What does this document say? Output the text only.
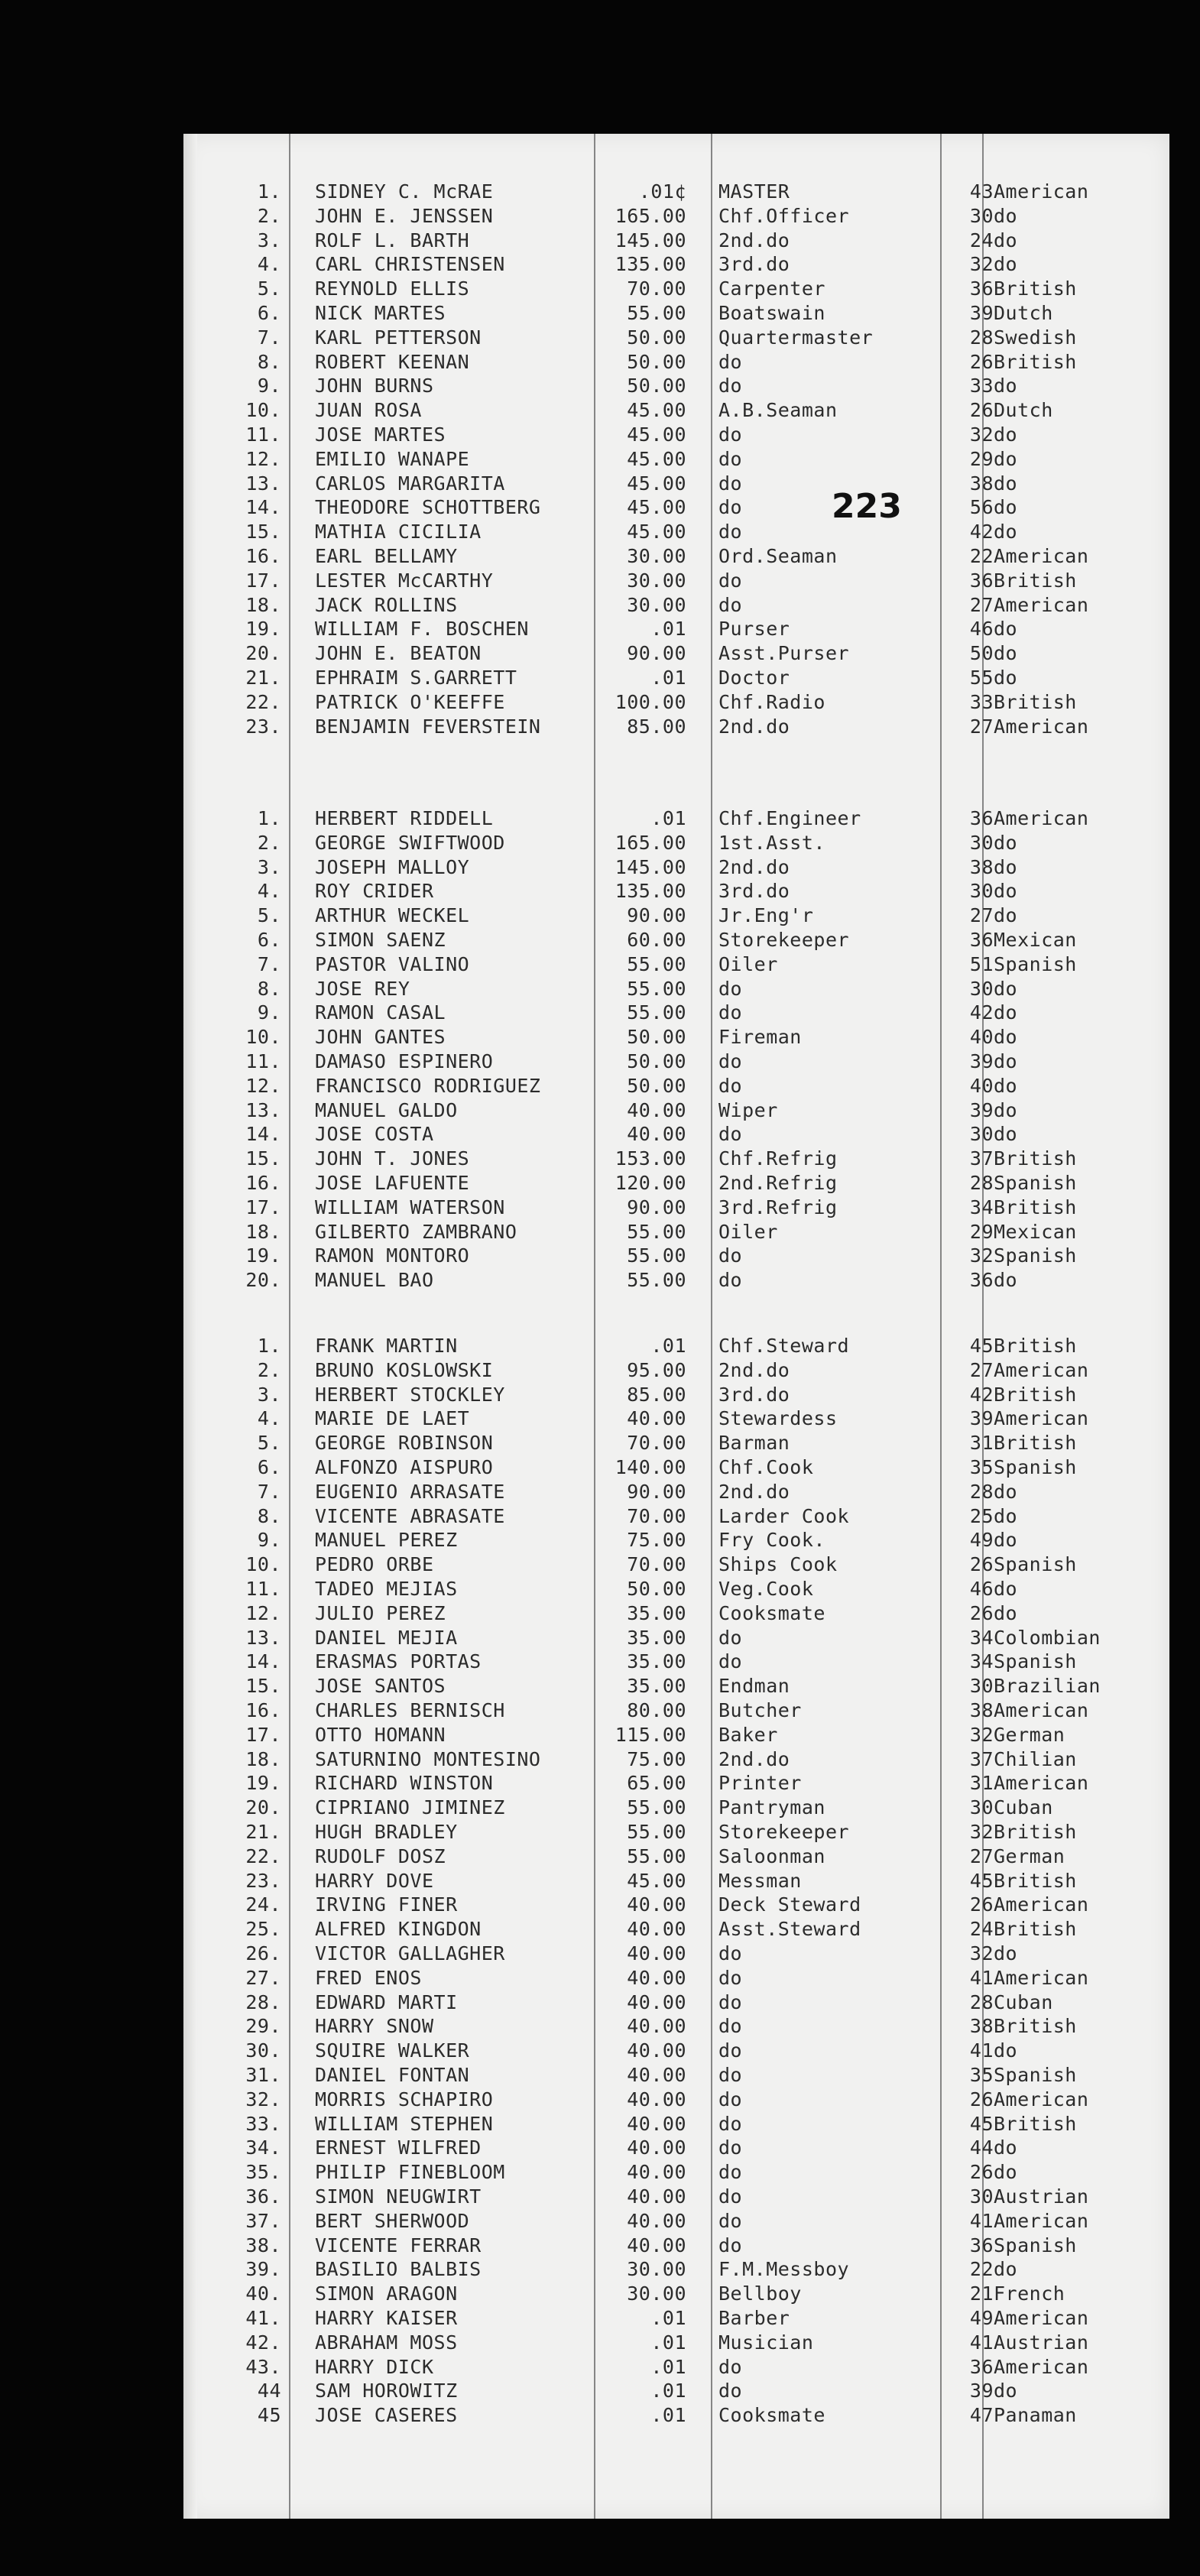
223
1. SIDNEY C. McRAE	.01¢ MASTER	43 American
2. JOHN E. JENSSEN	165.00 Chf.Officer	30 do
3. ROLF L. BARTH	145.00 2nd.do	24 do
4. CARL CHRISTENSEN	135.00 3rd.do	32 do
5. REYNOLD ELLIS	70.00 Carpenter	36 British
6. NICK MARTES	55.00 Boatswain	39 Dutch
7. KARL PETTERSON	50.00 Quartermaster	28 Swedish
8. ROBERT KEENAN	50.00 do	26 British
9. JOHN BURNS	50.00 do	33 do
10. JUAN ROSA	45.00 A.B.Seaman	26 Dutch
11. JOSE MARTES	45.00 do	32 do
12. EMILIO WANAPE	45.00 do	29 do
13. CARLOS MARGARITA	45.00 do	38 do
14. THEODORE SCHOTTBERG	45.00 do	56 do
15. MATHIA CICILIA	45.00 do	42 do
16. EARL BELLAMY	30.00 Ord.Seaman	22 American
17. LESTER McCARTHY	30.00 do	36 British
18. JACK ROLLINS	30.00 do	27 American
19. WILLIAM F. BOSCHEN	.01 Purser	46 do
20. JOHN E. BEATON	90.00 Asst.Purser	50 do
21. EPHRAIM S.GARRETT	.01 Doctor	55 do
22. PATRICK O'KEEFFE	100.00 Chf.Radio	33 British
23. BENJAMIN FEVERSTEIN	85.00 2nd.do	27 American
1. HERBERT RIDDELL	.01 Chf.Engineer	36 American
2. GEORGE SWIFTWOOD	165.00 1st.Asst.	30 do
3. JOSEPH MALLOY	145.00 2nd.do	38 do
4. ROY CRIDER	135.00 3rd.do	30 do
5. ARTHUR WECKEL	90.00 Jr.Eng'r	27 do
6. SIMON SAENZ	60.00 Storekeeper	36 Mexican
7. PASTOR VALINO	55.00 Oiler	51 Spanish
8. JOSE REY	55.00 do	30 do
9. RAMON CASAL	55.00 do	42 do
10. JOHN GANTES	50.00 Fireman	40 do
11. DAMASO ESPINERO	50.00 do	39 do
12. FRANCISCO RODRIGUEZ	50.00 do	40 do
13. MANUEL GALDO	40.00 Wiper	39 do
14. JOSE COSTA	40.00 do	30 do
15. JOHN T. JONES	153.00 Chf.Refrig	37 British
16. JOSE LAFUENTE	120.00 2nd.Refrig	28 Spanish
17. WILLIAM WATERSON	90.00 3rd.Refrig	34 British
18. GILBERTO ZAMBRANO	55.00 Oiler	29 Mexican
19. RAMON MONTORO	55.00 do	32 Spanish
20. MANUEL BAO	55.00 do	36 do
1. FRANK MARTIN	.01 Chf.Steward	45 British
2. BRUNO KOSLOWSKI	95.00 2nd.do	27 American
3. HERBERT STOCKLEY	85.00 3rd.do	42 British
4. MARIE DE LAET	40.00 Stewardess	39 American
5. GEORGE ROBINSON	70.00 Barman	31 British
6. ALFONZO AISPURO	140.00 Chf.Cook	35 Spanish
7. EUGENIO ARRASATE	90.00 2nd.do	28 do
8. VICENTE ABRASATE	70.00 Larder Cook	25 do
9. MANUEL PEREZ	75.00 Fry Cook.	49 do
10. PEDRO ORBE	70.00 Ships Cook	26 Spanish
11. TADEO MEJIAS	50.00 Veg.Cook	46 do
12. JULIO PEREZ	35.00 Cooksmate	26 do
13. DANIEL MEJIA	35.00 do	34 Colombian
14. ERASMAS PORTAS	35.00 do	34 Spanish
15. JOSE SANTOS	35.00 Endman	30 Brazilian
16. CHARLES BERNISCH	80.00 Butcher	38 American
17. OTTO HOMANN	115.00 Baker	32 German
18. SATURNINO MONTESINO	75.00 2nd.do	37 Chilian
19. RICHARD WINSTON	65.00 Printer	31 American
20. CIPRIANO JIMINEZ	55.00 Pantryman	30 Cuban
21. HUGH BRADLEY	55.00 Storekeeper	32 British
22. RUDOLF DOSZ	55.00 Saloonman	27 German
23. HARRY DOVE	45.00 Messman	45 British
24. IRVING FINER	40.00 Deck Steward	26 American
25. ALFRED KINGDON	40.00 Asst.Steward	24 British
26. VICTOR GALLAGHER	40.00 do	32 do
27. FRED ENOS	40.00 do	41 American
28. EDWARD MARTI	40.00 do	28 Cuban
29. HARRY SNOW	40.00 do	38 British
30. SQUIRE WALKER	40.00 do	41 do
31. DANIEL FONTAN	40.00 do	35 Spanish
32. MORRIS SCHAPIRO	40.00 do	26 American
33. WILLIAM STEPHEN	40.00 do	45 British
34. ERNEST WILFRED	40.00 do	44 do
35. PHILIP FINEBLOOM	40.00 do	26 do
36. SIMON NEUGWIRT	40.00 do	30 Austrian
37. BERT SHERWOOD	40.00 do	41 American
38. VICENTE FERRAR	40.00 do	36 Spanish
39. BASILIO BALBIS	30.00 F.M.Messboy	22 do
40. SIMON ARAGON	30.00 Bellboy	21 French
41. HARRY KAISER	.01 Barber	49 American
42. ABRAHAM MOSS	.01 Musician	41 Austrian
43. HARRY DICK	.01 do	36 American
44 SAM HOROWITZ	.01 do	39 do
45 JOSE CASERES	.01 Cooksmate	47 Panaman
